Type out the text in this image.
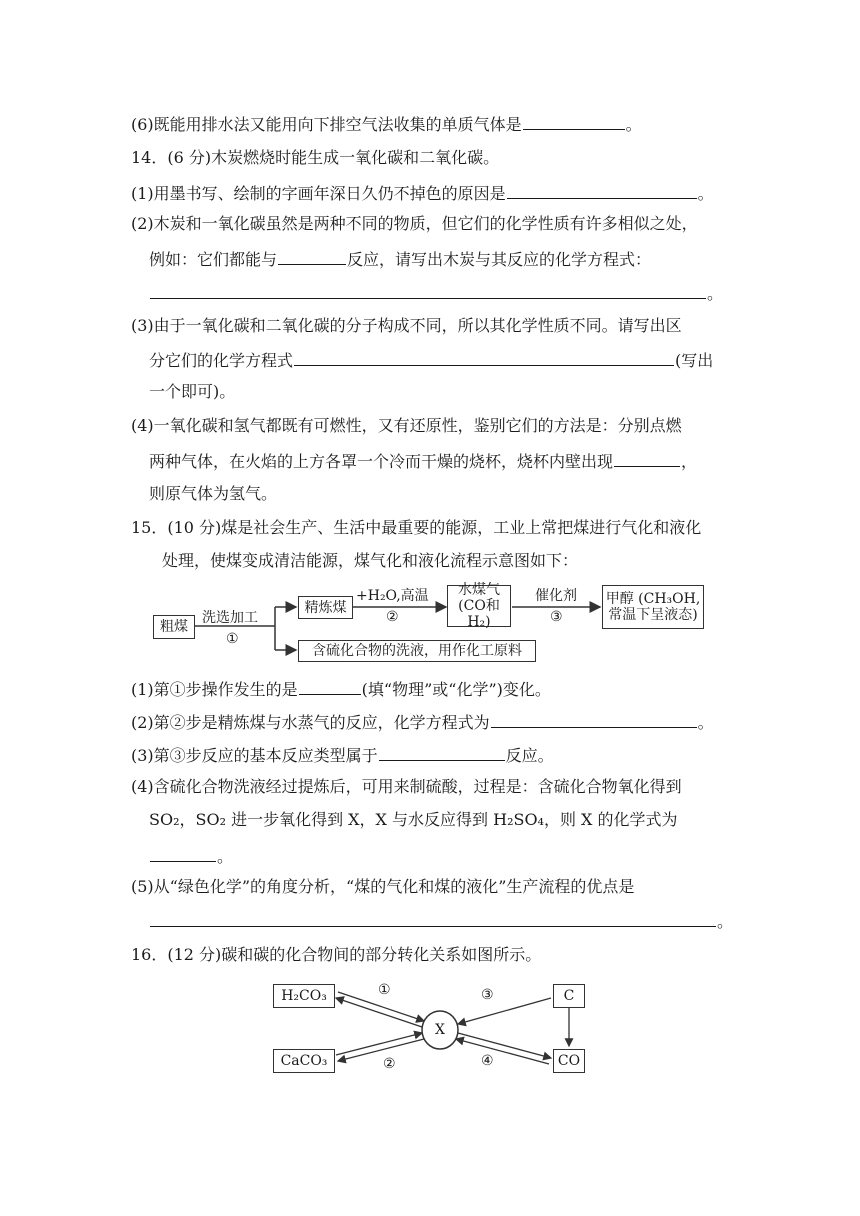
(6)既能用排水法又能用向下排空气法收集的单质气体是	。
14．(6 分)木炭燃烧时能生成一氧化碳和二氧化碳。
(1)用墨书写、绘制的字画年深日久仍不掉色的原因是	。
(2)木炭和一氧化碳虽然是两种不同的物质，但它们的化学性质有许多相似之处，
例如：它们都能与	反应，请写出木炭与其反应的化学方程式：
。
(3)由于一氧化碳和二氧化碳的分子构成不同，所以其化学性质不同。请写出区
分它们的化学方程式	(写出
一个即可)。
(4)一氧化碳和氢气都既有可燃性，又有还原性，鉴别它们的方法是：分别点燃
两种气体，在火焰的上方各罩一个冷而干燥的烧杯，烧杯内壁出现	，
则原气体为氢气。
15．(10 分)煤是社会生产、生活中最重要的能源，工业上常把煤进行气化和液化
处理，使煤变成清洁能源，煤气化和液化流程示意图如下：
粗煤
洗选加工
①
精炼煤
+H₂O,高温
②
水煤气
(CO和H₂)
催化剂
③
甲醇 (CH₃OH,
常温下呈液态)
含硫化合物的洗液，用作化工原料
(1)第①步操作发生的是	(填“物理”或“化学”)变化。
(2)第②步是精炼煤与水蒸气的反应，化学方程式为	。
(3)第③步反应的基本反应类型属于	反应。
(4)含硫化合物洗液经过提炼后，可用来制硫酸，过程是：含硫化合物氧化得到
SO₂，SO₂ 进一步氧化得到 X，X 与水反应得到 H₂SO₄，则 X 的化学式为
。
(5)从“绿色化学”的角度分析，“煤的气化和煤的液化”生产流程的优点是
。
16．(12 分)碳和碳的化合物间的部分转化关系如图所示。
H₂CO₃
CaCO₃
X
C
CO
①
②
③
④
